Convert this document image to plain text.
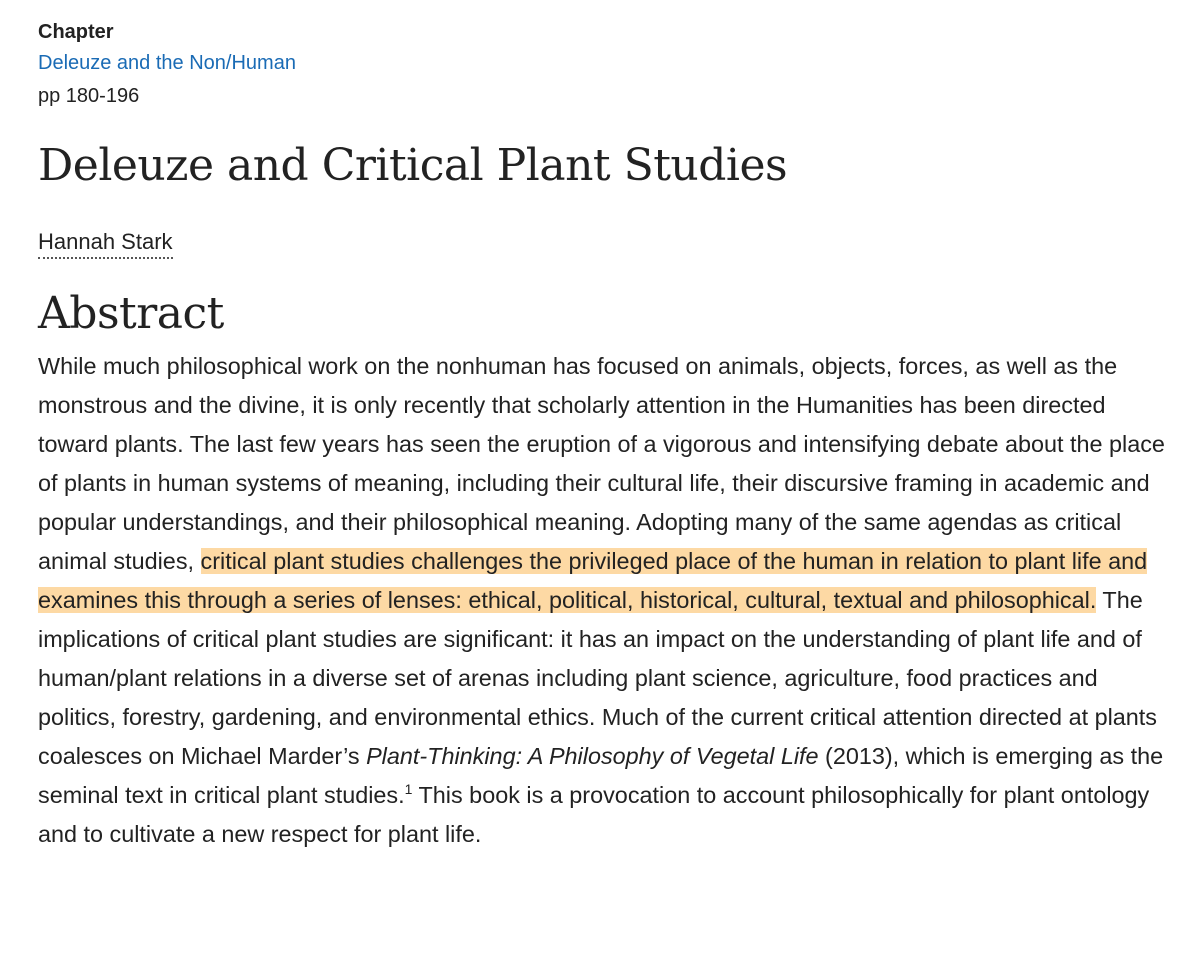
Chapter

Deleuze and the Non/Human

pp 180-196

Deleuze and Critical Plant Studies
Hannah Stark
Abstract

While much philosophical work on the nonhuman has focused on animals, objects, forces, as well as the monstrous and the divine, it is only recently that scholarly attention in the Humanities has been directed toward plants. The last few years has seen the eruption of a vigorous and intensifying debate about the place of plants in human systems of meaning, including their cultural life, their discursive framing in academic and popular understandings, and their philosophical meaning. Adopting many of the same agendas as critical animal studies, critical plant studies challenges the privileged place of the human in relation to plant life and examines this through a series of lenses: ethical, political, historical, cultural, textual and philosophical. The implications of critical plant studies are significant: it has an impact on the understanding of plant life and of human/plant relations in a diverse set of arenas including plant science, agriculture, food practices and politics, forestry, gardening, and environmental ethics. Much of the current critical attention directed at plants coalesces on Michael Marder’s Plant-Thinking: A Philosophy of Vegetal Life (2013), which is emerging as the seminal text in critical plant studies.$^1$ This book is a provocation to account philosophically for plant ontology and to cultivate a new respect for plant life.
